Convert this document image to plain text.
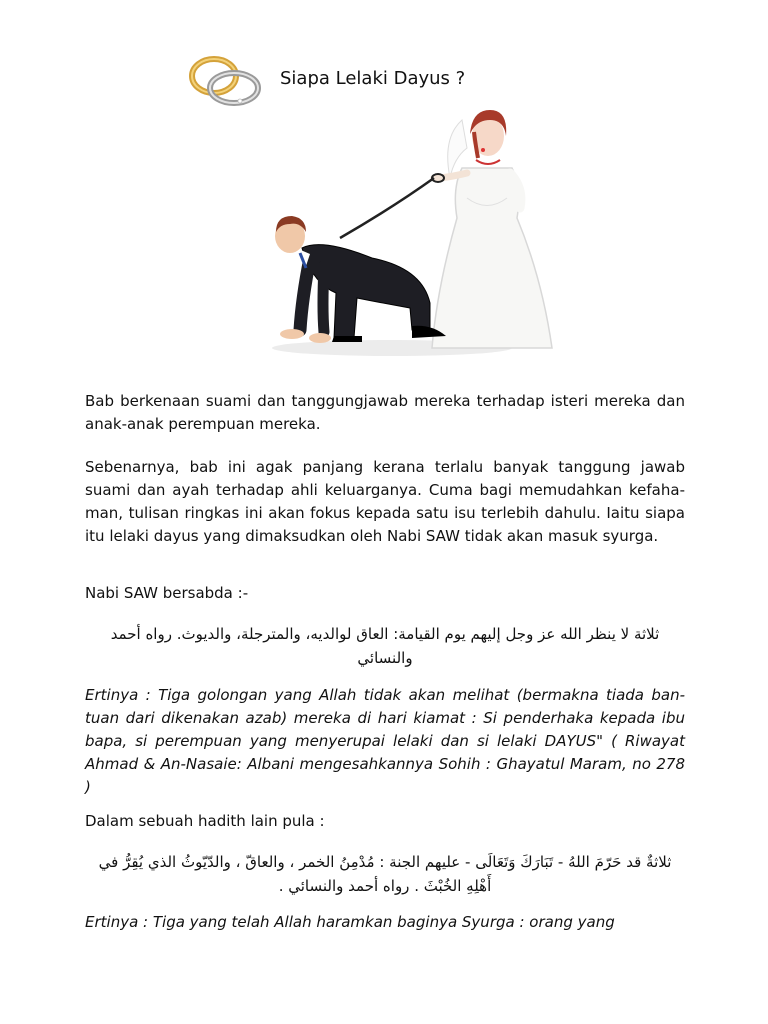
Siapa Lelaki Dayus ?

Bab berkenaan suami dan tanggungjawab mereka terhadap isteri mereka dan anak-anak perempuan mereka.

Sebenarnya, bab ini agak panjang kerana terlalu banyak tanggung jawab suami dan ayah terhadap ahli keluarganya. Cuma bagi memudahkan kefaha-man, tulisan ringkas ini akan fokus kepada satu isu terlebih dahulu. Iaitu siapa itu lelaki dayus yang dimaksudkan oleh Nabi SAW tidak akan masuk syurga.

Nabi SAW bersabda :-

ثلاثة لا ينظر الله عز وجل إليهم يوم القيامة: العاق لوالديه، والمترجلة، والديوث. رواه أحمد والنسائي

Ertinya : Tiga golongan yang Allah tidak akan melihat (bermakna tiada ban-tuan dari dikenakan azab) mereka di hari kiamat : Si penderhaka kepada ibu bapa, si perempuan yang menyerupai lelaki dan si lelaki DAYUS" ( Riwayat Ahmad & An-Nasaie: Albani mengesahkannya Sohih : Ghayatul Maram, no 278 )

Dalam sebuah hadith lain pula :

ثلاثةٌ قد حَرّمَ اللهُ - تَبَارَكَ وَتَعَالَى - عليهم الجنة : مُدْمِنُ الخمر ، والعاقّ ، والدّيّوثُ الذي يُقِرُّ في أَهْلِهِ الخُبْثَ . رواه أحمد والنسائي .

Ertinya : Tiga yang telah Allah haramkan baginya Syurga : orang yang
